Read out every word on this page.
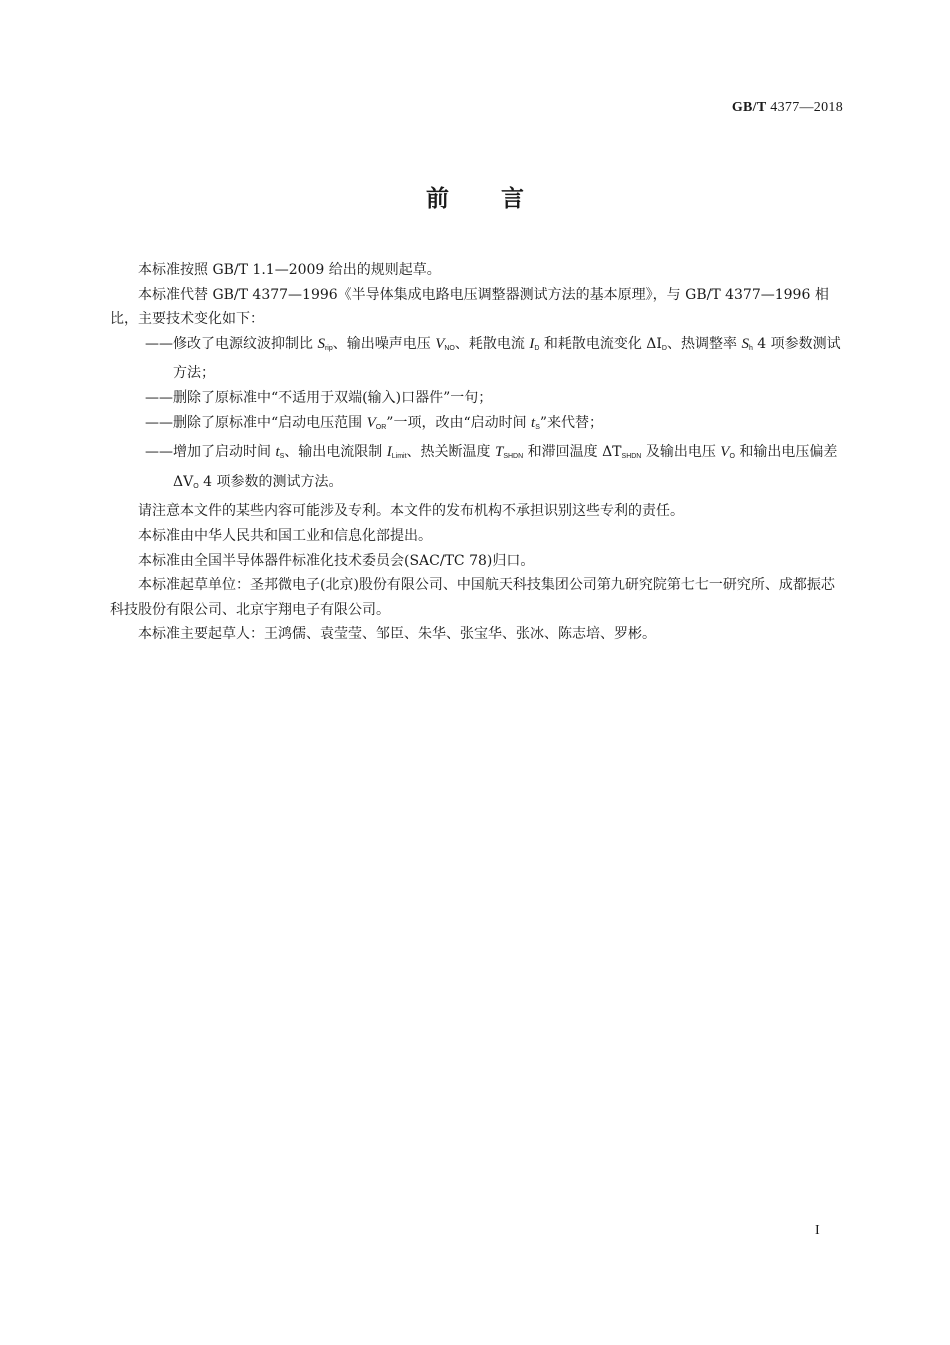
GB/T 4377—2018
前言

本标准按照 GB/T 1.1—2009 给出的规则起草。

本标准代替 GB/T 4377—1996《半导体集成电路电压调整器测试方法的基本原理》，与 GB/T 4377—1996 相比，主要技术变化如下：

——修改了电源纹波抑制比 $S_{rip}$、输出噪声电压 $V_{NO}$、耗散电流 $I_D$ 和耗散电流变化 $\Delta I_D$、热调整率 $S_h$ 4 项参数测试方法；

——删除了原标准中“不适用于双端(输入)口器件”一句；

——删除了原标准中“启动电压范围 $V_{OR}$”一项，改由“启动时间 $t_S$”来代替；

——增加了启动时间 $t_S$、输出电流限制 $I_{Limit}$、热关断温度 $T_{SHDN}$ 和滞回温度 $\Delta T_{SHDN}$ 及输出电压 $V_O$ 和输出电压偏差 $\Delta V_O$ 4 项参数的测试方法。

请注意本文件的某些内容可能涉及专利。本文件的发布机构不承担识别这些专利的责任。

本标准由中华人民共和国工业和信息化部提出。

本标准由全国半导体器件标准化技术委员会(SAC/TC 78)归口。

本标准起草单位：圣邦微电子(北京)股份有限公司、中国航天科技集团公司第九研究院第七七一研究所、成都振芯科技股份有限公司、北京宇翔电子有限公司。

本标准主要起草人：王鸿儒、袁莹莹、邹臣、朱华、张宝华、张冰、陈志培、罗彬。

I
